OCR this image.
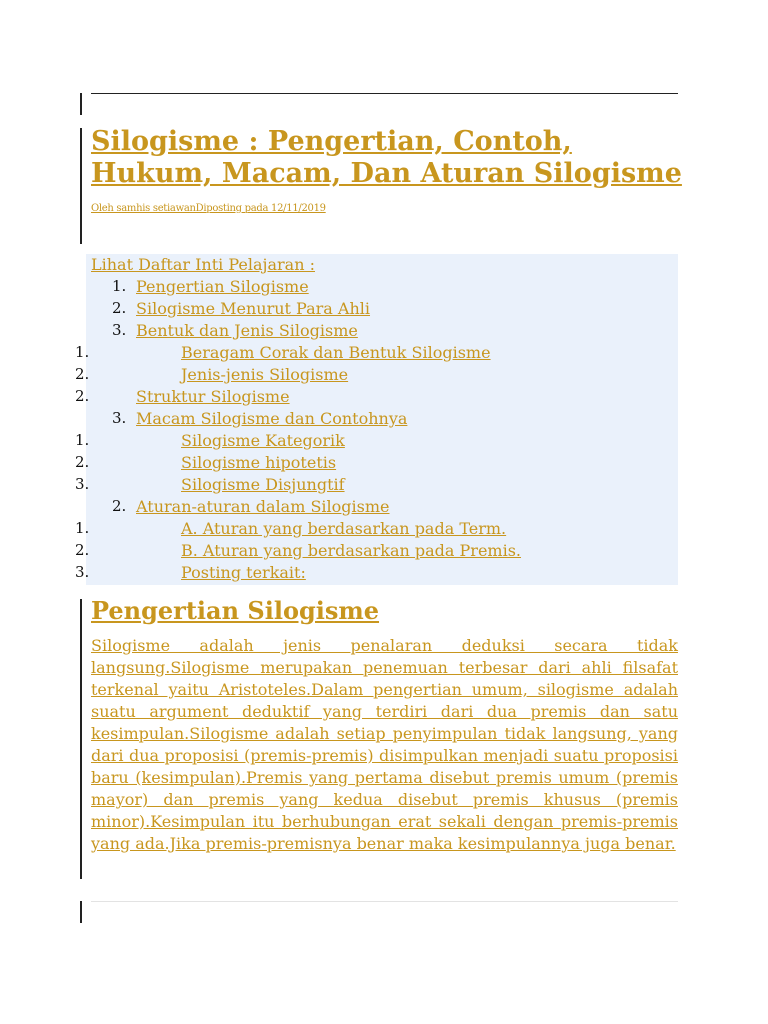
Silogisme : Pengertian, Contoh, Hukum, Macam, Dan Aturan Silogisme
Oleh samhis setiawanDiposting pada 12/11/2019
Lihat Daftar Inti Pelajaran :
1. Pengertian Silogisme
2. Silogisme Menurut Para Ahli
3. Bentuk dan Jenis Silogisme
1.	Beragam Corak dan Bentuk Silogisme
2.	Jenis-jenis Silogisme
2.	Struktur Silogisme
3. Macam Silogisme dan Contohnya
1.	Silogisme Kategorik
2.	Silogisme hipotetis
3.	Silogisme Disjungtif
2. Aturan-aturan dalam Silogisme
1.	A. Aturan yang berdasarkan pada Term.
2.	B. Aturan yang berdasarkan pada Premis.
3.	Posting terkait:
Pengertian Silogisme

Silogisme adalah jenis penalaran deduksi secara tidak langsung.Silogisme merupakan penemuan terbesar dari ahli filsafat terkenal yaitu Aristoteles.Dalam pengertian umum, silogisme adalah suatu argument deduktif yang terdiri dari dua premis dan satu kesimpulan.Silogisme adalah setiap penyimpulan tidak langsung, yang dari dua proposisi (premis-premis) disimpulkan menjadi suatu proposisi baru (kesimpulan).Premis yang pertama disebut premis umum (premis mayor) dan premis yang kedua disebut premis khusus (premis minor).Kesimpulan itu berhubungan erat sekali dengan premis-premis yang ada.Jika premis-premisnya benar maka kesimpulannya juga benar.
